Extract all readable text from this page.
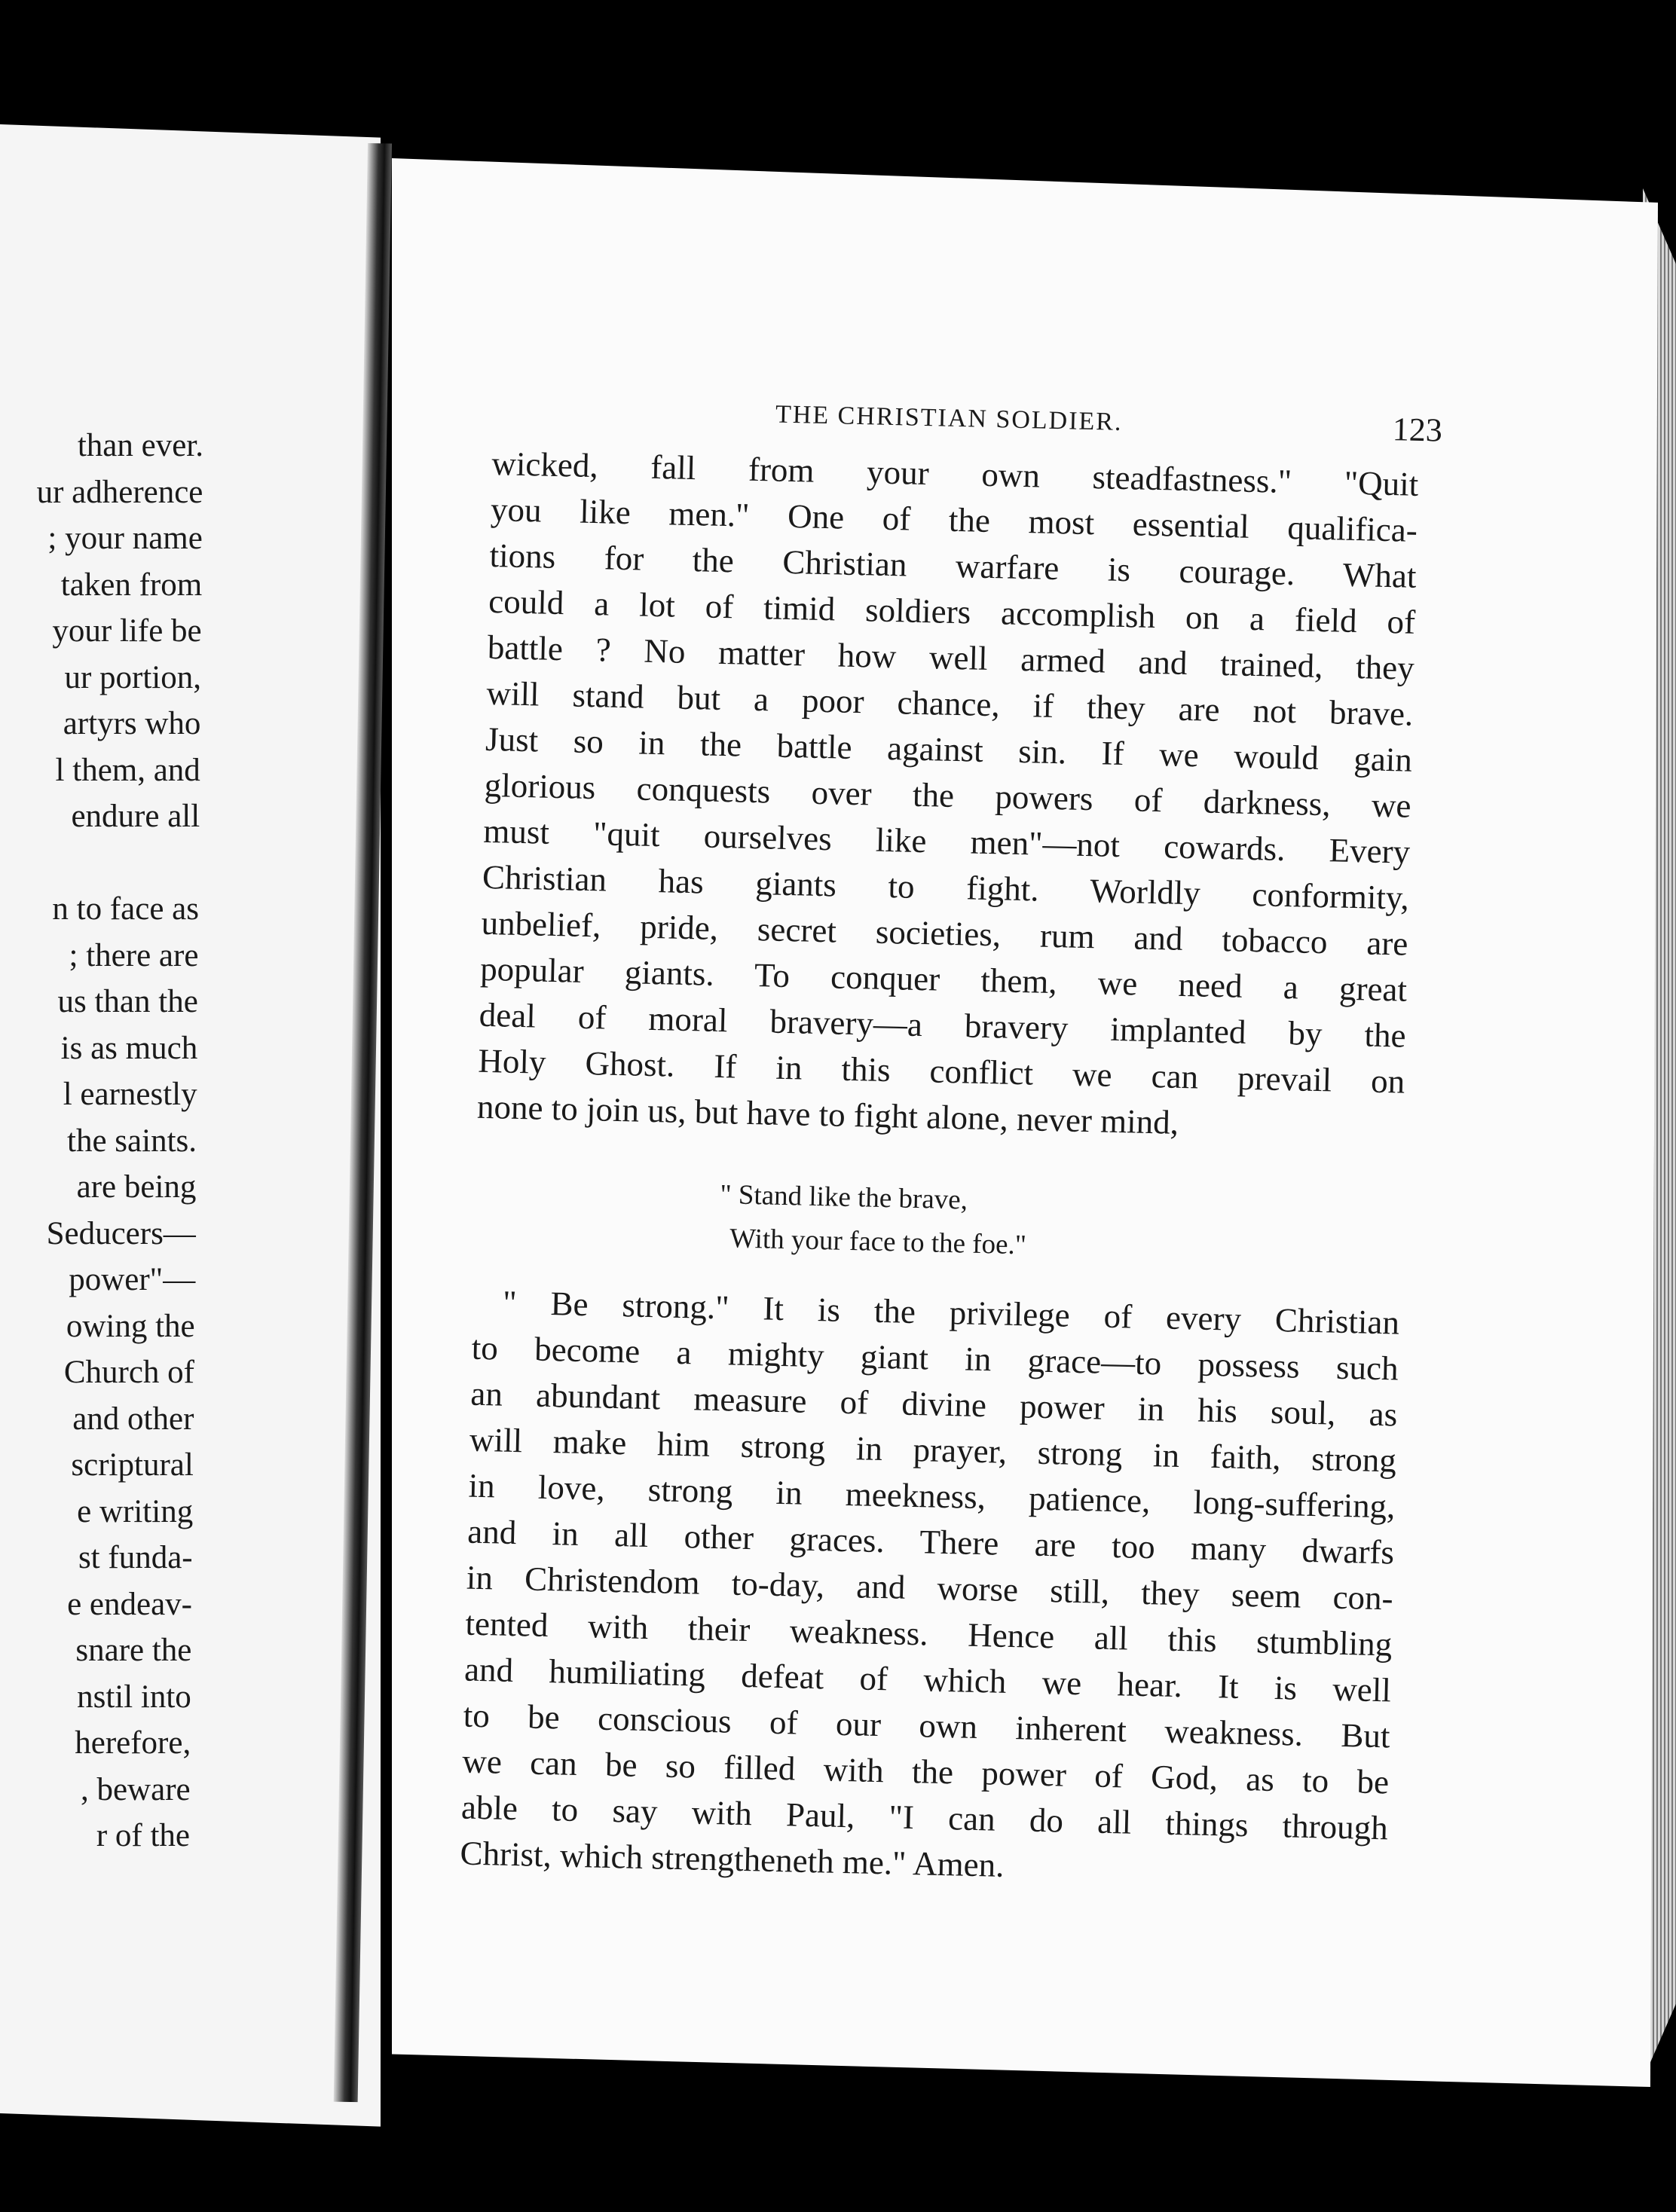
than ever.
ur adherence
; your name
taken from
your life be
ur portion,
artyrs who
l them, and
endure all
n to face as
; there are
us than the
is as much
l earnestly
the saints.
are being
Seducers—
power"—
owing the
Church of
and other
scriptural
e writing
st funda-
e endeav-
snare the
nstil into
herefore,
, beware
r of the
THE CHRISTIAN SOLDIER.	123
wicked, fall from your own steadfastness." "Quit
you like men." One of the most essential qualifica-
tions for the Christian warfare is courage. What
could a lot of timid soldiers accomplish on a field of
battle ? No matter how well armed and trained, they
will stand but a poor chance, if they are not brave.
Just so in the battle against sin. If we would gain
glorious conquests over the powers of darkness, we
must "quit ourselves like men"—not cowards. Every
Christian has giants to fight. Worldly conformity,
unbelief, pride, secret societies, rum and tobacco are
popular giants. To conquer them, we need a great
deal of moral bravery—a bravery implanted by the
Holy Ghost. If in this conflict we can prevail on
none to join us, but have to fight alone, never mind,
" Stand like the brave,
With your face to the foe."
" Be strong." It is the privilege of every Christian
to become a mighty giant in grace—to possess such
an abundant measure of divine power in his soul, as
will make him strong in prayer, strong in faith, strong
in love, strong in meekness, patience, long-suffering,
and in all other graces. There are too many dwarfs
in Christendom to-day, and worse still, they seem con-
tented with their weakness. Hence all this stumbling
and humiliating defeat of which we hear. It is well
to be conscious of our own inherent weakness. But
we can be so filled with the power of God, as to be
able to say with Paul, "I can do all things through
Christ, which strengtheneth me." Amen.
